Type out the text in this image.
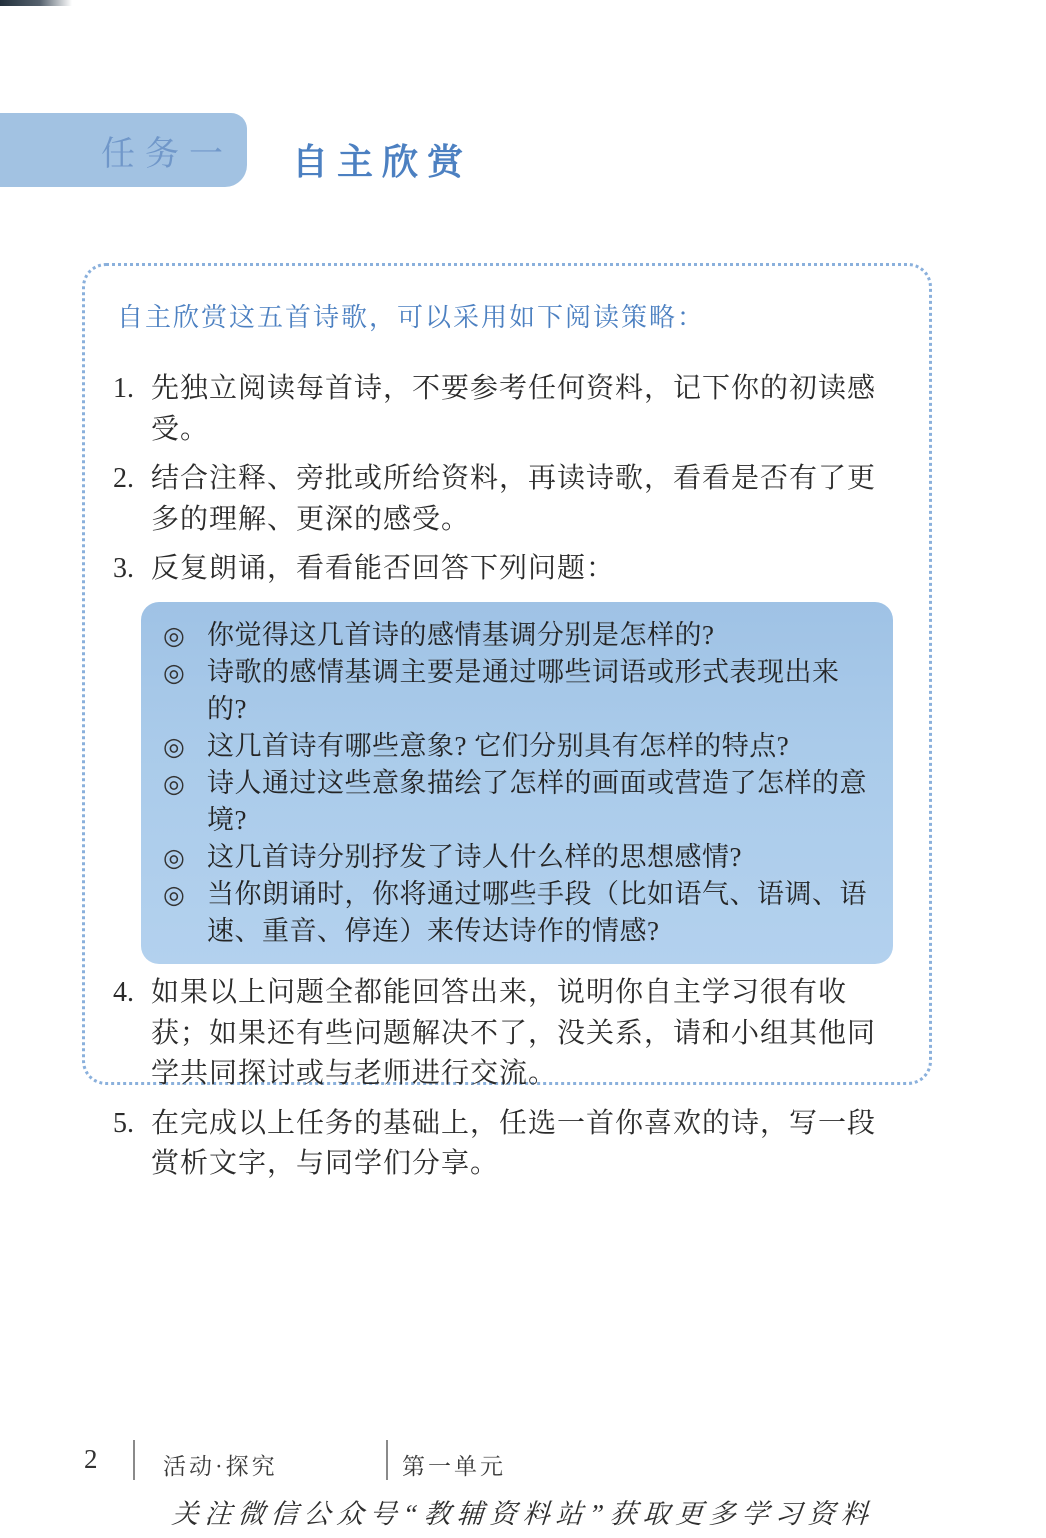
任务一 自主欣赏

自主欣赏这五首诗歌，可以采用如下阅读策略：

1. 先独立阅读每首诗，不要参考任何资料，记下你的初读感受。
2. 结合注释、旁批或所给资料，再读诗歌，看看是否有了更多的理解、更深的感受。
3. 反复朗诵，看看能否回答下列问题：
◎ 你觉得这几首诗的感情基调分别是怎样的?
◎ 诗歌的感情基调主要是通过哪些词语或形式表现出来的?
◎ 这几首诗有哪些意象? 它们分别具有怎样的特点?
◎ 诗人通过这些意象描绘了怎样的画面或营造了怎样的意境?
◎ 这几首诗分别抒发了诗人什么样的思想感情?
◎ 当你朗诵时，你将通过哪些手段（比如语气、语调、语速、重音、停连）来传达诗作的情感?
4. 如果以上问题全都能回答出来，说明你自主学习很有收获；如果还有些问题解决不了，没关系，请和小组其他同学共同探讨或与老师进行交流。
5. 在完成以上任务的基础上，任选一首你喜欢的诗，写一段赏析文字，与同学们分享。
2	活动·探究	第一单元
关注微信公众号“教辅资料站”获取更多学习资料
